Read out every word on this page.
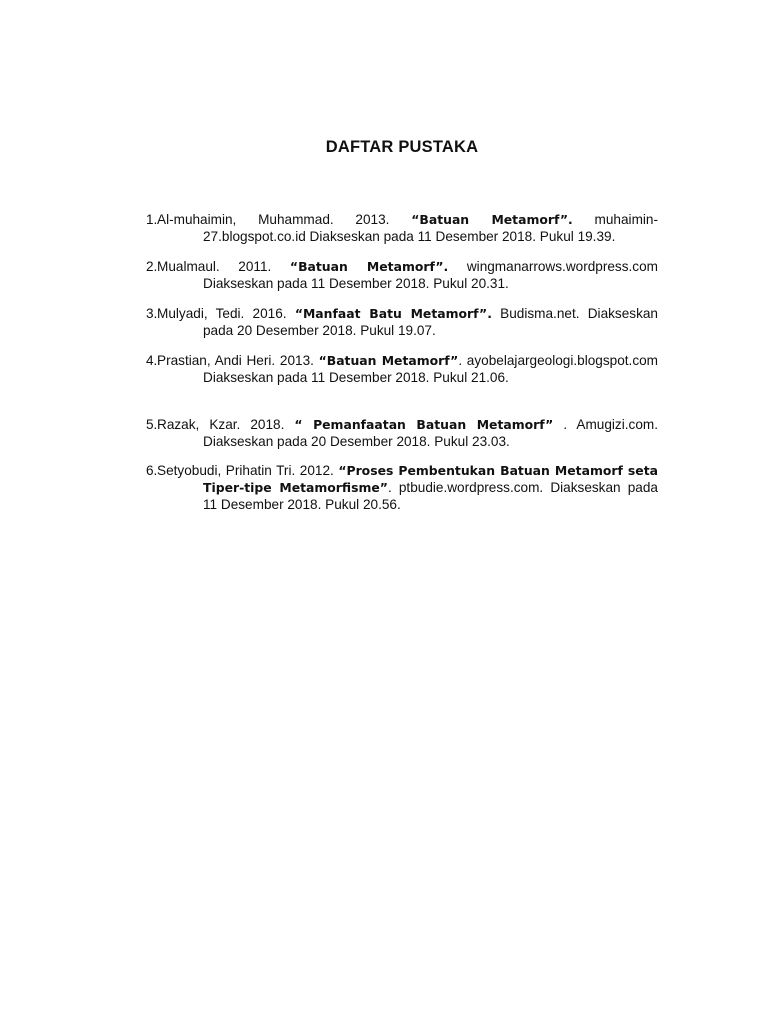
DAFTAR PUSTAKA
1. Al-muhaimin, Muhammad. 2013. “Batuan Metamorf”. muhaimin-27.blogspot.co.id Diakseskan pada 11 Desember 2018. Pukul 19.39.
2. Mualmaul. 2011. “Batuan Metamorf”. wingmanarrows.wordpress.com Diakseskan pada 11 Desember 2018. Pukul 20.31.
3. Mulyadi, Tedi. 2016. “Manfaat Batu Metamorf”. Budisma.net. Diakseskan pada 20 Desember 2018. Pukul 19.07.
4. Prastian, Andi Heri. 2013. “Batuan Metamorf”. ayobelajargeologi.blogspot.com Diakseskan pada 11 Desember 2018. Pukul 21.06.
5. Razak, Kzar. 2018. “ Pemanfaatan Batuan Metamorf” . Amugizi.com. Diakseskan pada 20 Desember 2018. Pukul 23.03.
6. Setyobudi, Prihatin Tri. 2012. “Proses Pembentukan Batuan Metamorf seta Tiper-tipe Metamorfisme”. ptbudie.wordpress.com. Diakseskan pada 11 Desember 2018. Pukul 20.56.
